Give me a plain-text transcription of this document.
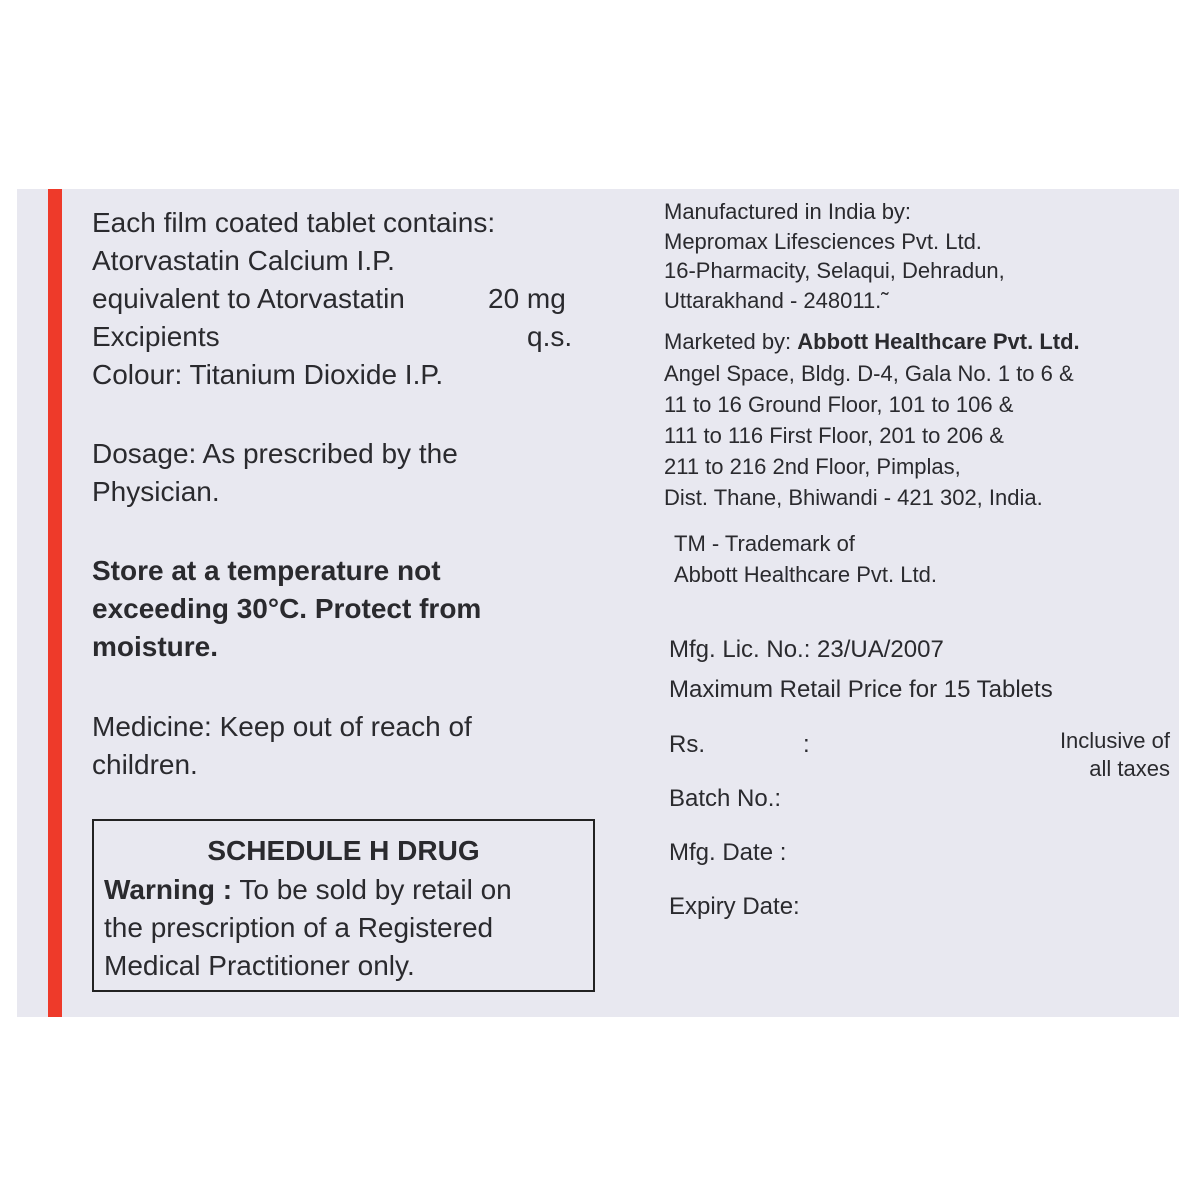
Each film coated tablet contains:
Atorvastatin Calcium I.P.
equivalent to Atorvastatin	20 mg
Excipients	q.s.
Colour: Titanium Dioxide I.P.
Dosage: As prescribed by the
Physician.
Store at a temperature not
exceeding 30°C. Protect from
moisture.
Medicine: Keep out of reach of
children.
SCHEDULE H DRUG
Warning : To be sold by retail on
the prescription of a Registered
Medical Practitioner only.
Manufactured in India by:
Mepromax Lifesciences Pvt. Ltd.
16-Pharmacity, Selaqui, Dehradun,
Uttarakhand - 248011.˜
Marketed by: Abbott Healthcare Pvt. Ltd.
Angel Space, Bldg. D-4, Gala No. 1 to 6 &
11 to 16 Ground Floor, 101 to 106 &
111 to 116 First Floor, 201 to 206 &
211 to 216 2nd Floor, Pimplas,
Dist. Thane, Bhiwandi - 421 302, India.
TM - Trademark of
Abbott Healthcare Pvt. Ltd.
Mfg. Lic. No.: 23/UA/2007
Maximum Retail Price for 15 Tablets
Rs.	:	Inclusive of
all taxes
Batch No.:
Mfg. Date :
Expiry Date:
